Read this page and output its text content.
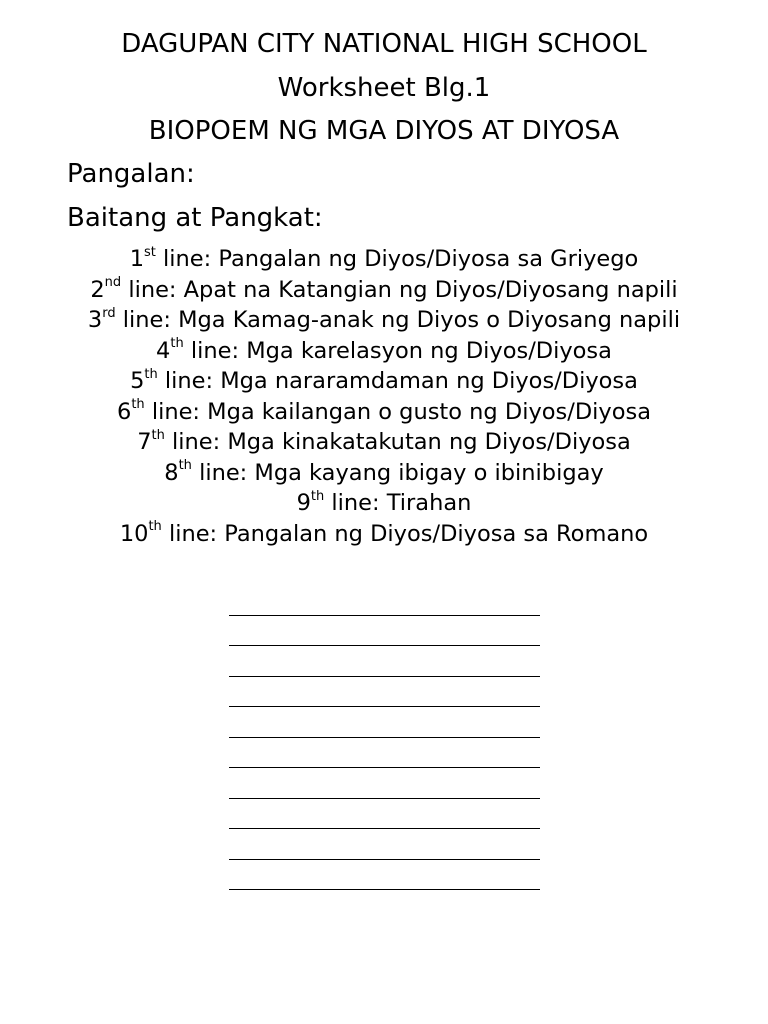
DAGUPAN CITY NATIONAL HIGH SCHOOL
Worksheet Blg.1
BIOPOEM NG MGA DIYOS AT DIYOSA
Pangalan:
Baitang at Pangkat:
1st line: Pangalan ng Diyos/Diyosa sa Griyego
2nd line: Apat na Katangian ng Diyos/Diyosang napili
3rd line: Mga Kamag-anak ng Diyos o Diyosang napili
4th line: Mga karelasyon ng Diyos/Diyosa
5th line: Mga nararamdaman ng Diyos/Diyosa
6th line: Mga kailangan o gusto ng Diyos/Diyosa
7th line: Mga kinakatakutan ng Diyos/Diyosa
8th line: Mga kayang ibigay o ibinibigay
9th line: Tirahan
10th line: Pangalan ng Diyos/Diyosa sa Romano
